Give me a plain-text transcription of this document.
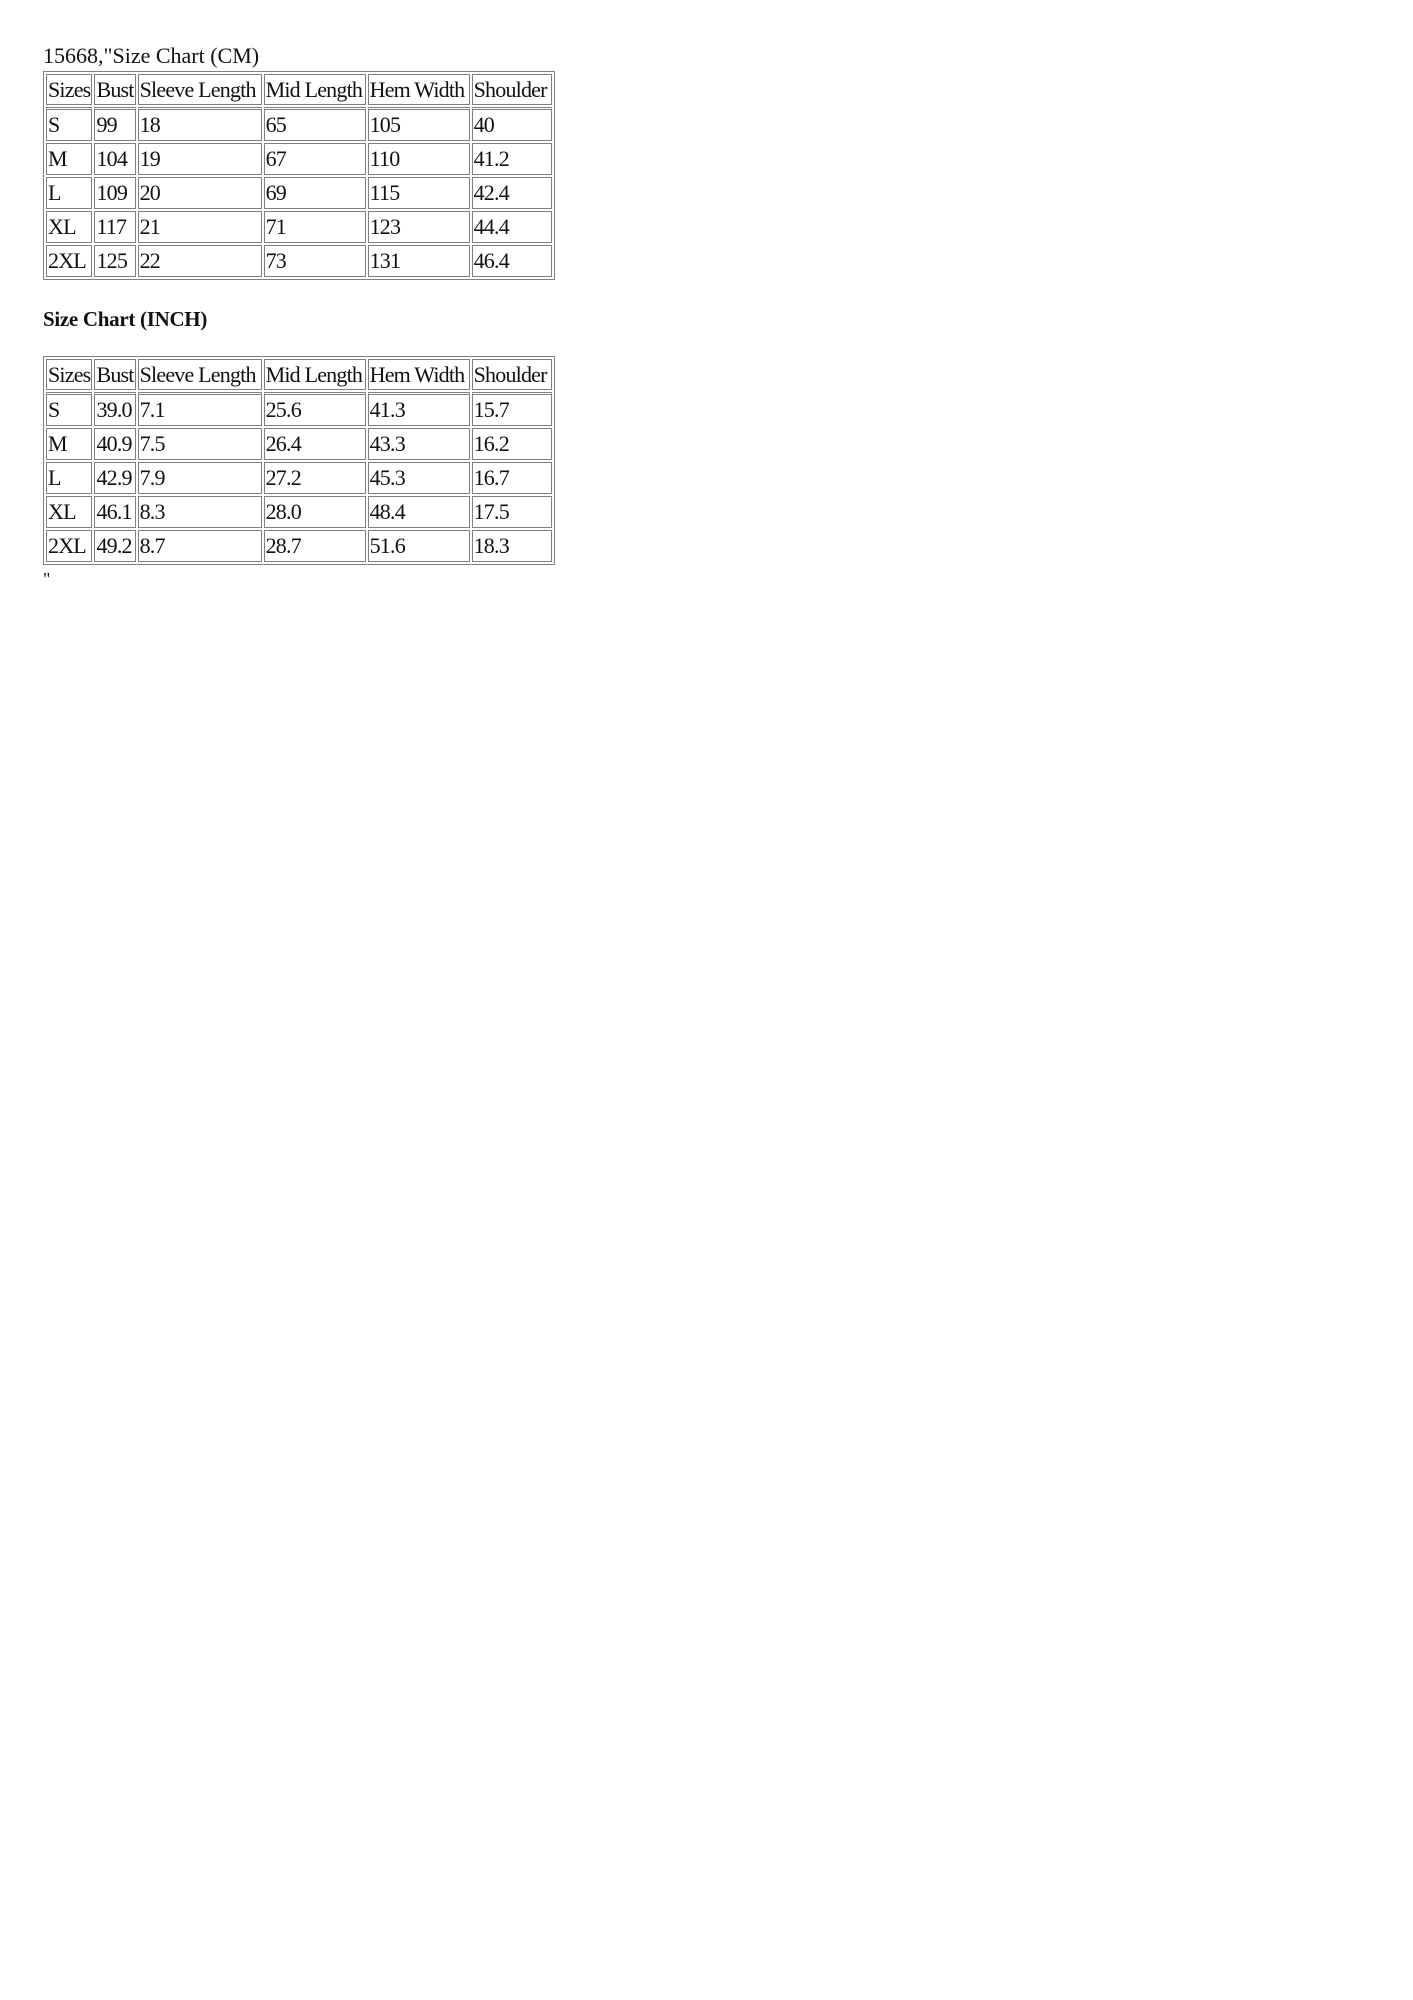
15668,"Size Chart (CM)
Sizes	Bust	Sleeve Length	Mid Length	Hem Width	Shoulder
S	99	18	65	105	40
M	104	19	67	110	41.2
L	109	20	69	115	42.4
XL	117	21	71	123	44.4
2XL	125	22	73	131	46.4
Size Chart (INCH)
Sizes	Bust	Sleeve Length	Mid Length	Hem Width	Shoulder
S	39.0	7.1	25.6	41.3	15.7
M	40.9	7.5	26.4	43.3	16.2
L	42.9	7.9	27.2	45.3	16.7
XL	46.1	8.3	28.0	48.4	17.5
2XL	49.2	8.7	28.7	51.6	18.3
"
